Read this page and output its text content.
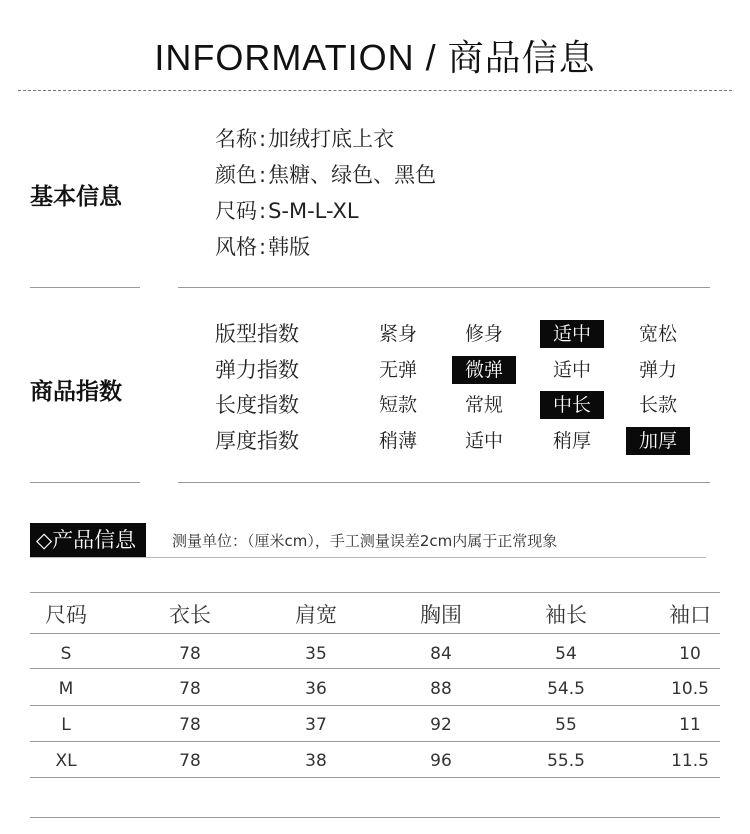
INFORMATION / 商品信息
基本信息
名称:加绒打底上衣
颜色:焦糖、绿色、黑色
尺码:S-M-L-XL
风格:韩版
商品指数
版型指数	紧身	修身	适中	宽松
弹力指数	无弹	微弹	适中	弹力
长度指数	短款	常规	中长	长款
厚度指数	稍薄	适中	稍厚	加厚
◇产品信息	测量单位：（厘米cm），手工测量误差2cm内属于正常现象
尺码	衣长	肩宽	胸围	袖长	袖口
S	78	35	84	54	10
M	78	36	88	54.5	10.5
L	78	37	92	55	11
XL	78	38	96	55.5	11.5
